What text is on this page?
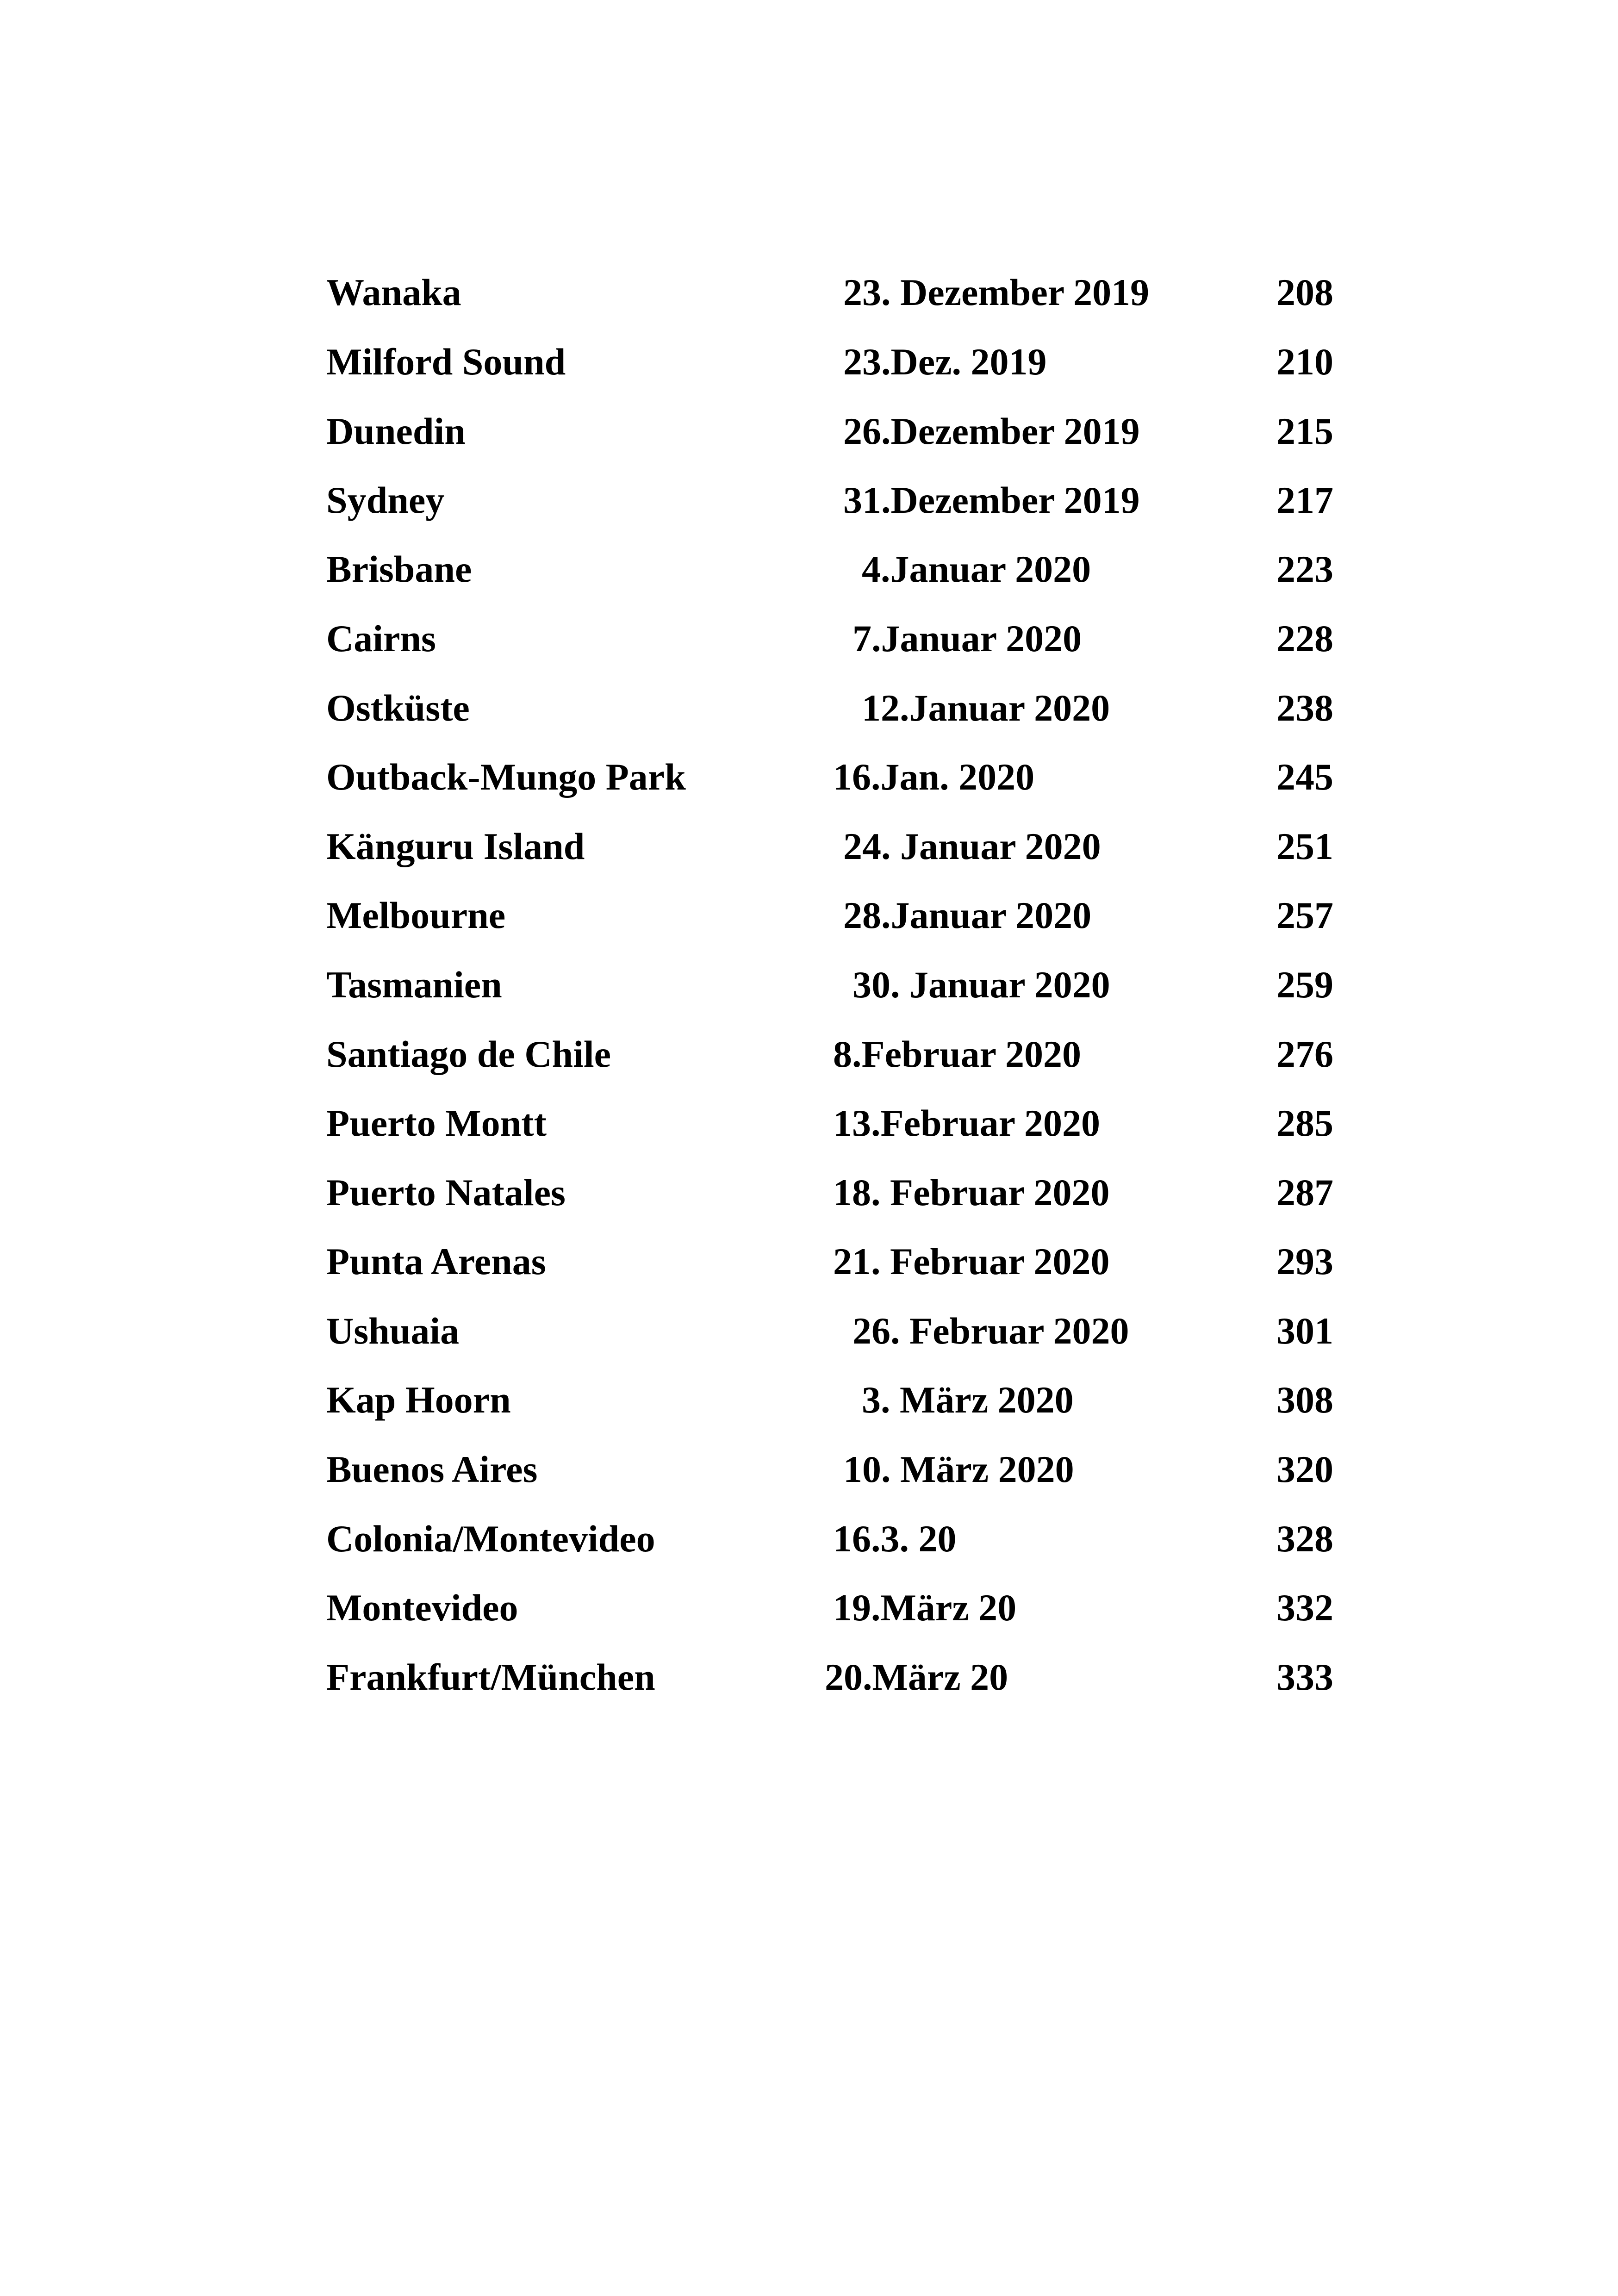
Wanaka	23. Dezember 2019	208
Milford Sound	23.Dez. 2019	210
Dunedin	26.Dezember 2019	215
Sydney	31.Dezember 2019	217
Brisbane	4.Januar 2020	223
Cairns	7.Januar 2020	228
Ostküste	12.Januar 2020	238
Outback-Mungo Park	16.Jan. 2020	245
Känguru Island	24. Januar 2020	251
Melbourne	28.Januar 2020	257
Tasmanien	30. Januar 2020	259
Santiago de Chile	8.Februar 2020	276
Puerto Montt	13.Februar 2020	285
Puerto Natales	18. Februar 2020	287
Punta Arenas	21. Februar 2020	293
Ushuaia	26. Februar 2020	301
Kap Hoorn	3. März 2020	308
Buenos Aires	10. März 2020	320
Colonia/Montevideo	16.3. 20	328
Montevideo	19.März 20	332
Frankfurt/München	20.März 20	333
